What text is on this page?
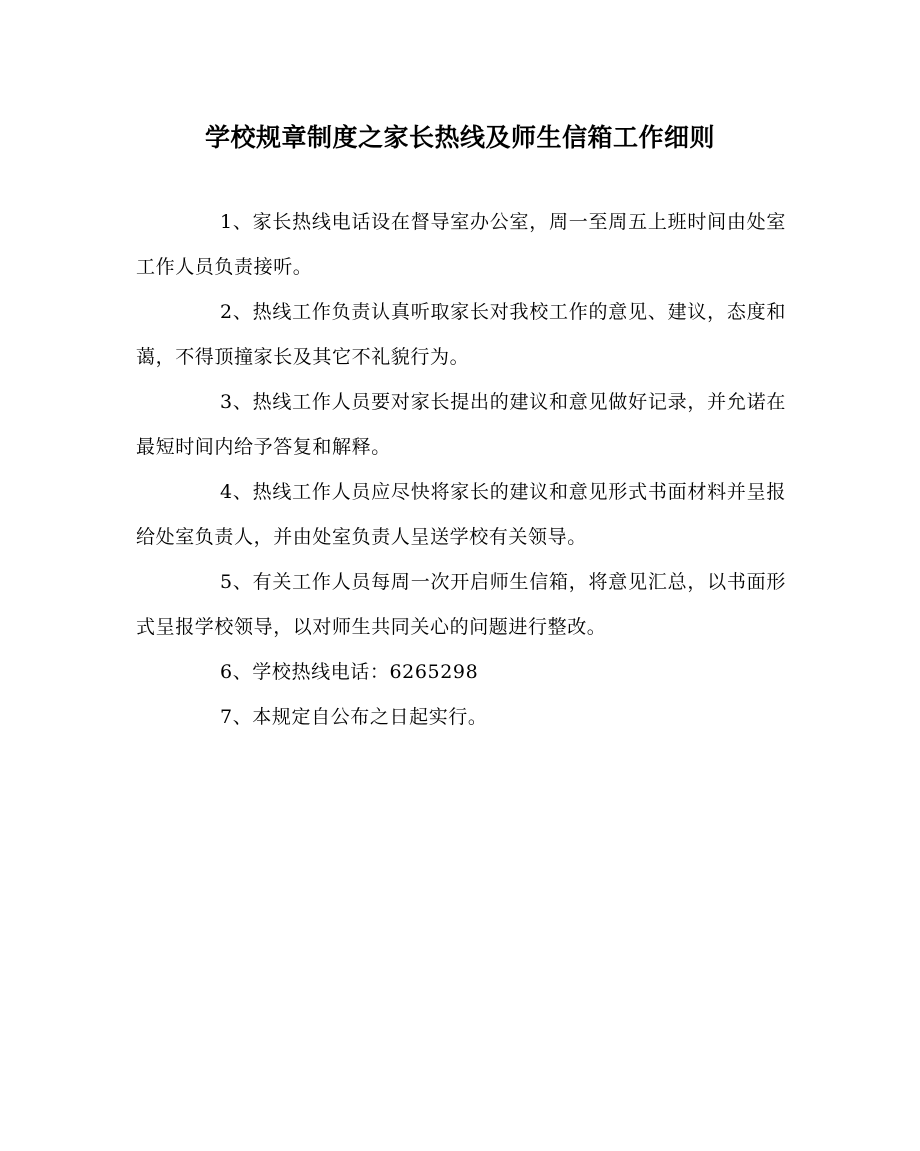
学校规章制度之家长热线及师生信箱工作细则

1、家长热线电话设在督导室办公室，周一至周五上班时间由处室工作人员负责接听。

2、热线工作负责认真听取家长对我校工作的意见、建议，态度和蔼，不得顶撞家长及其它不礼貌行为。

3、热线工作人员要对家长提出的建议和意见做好记录，并允诺在最短时间内给予答复和解释。

4、热线工作人员应尽快将家长的建议和意见形式书面材料并呈报给处室负责人，并由处室负责人呈送学校有关领导。

5、有关工作人员每周一次开启师生信箱，将意见汇总，以书面形式呈报学校领导，以对师生共同关心的问题进行整改。

6、学校热线电话：6265298

7、本规定自公布之日起实行。
